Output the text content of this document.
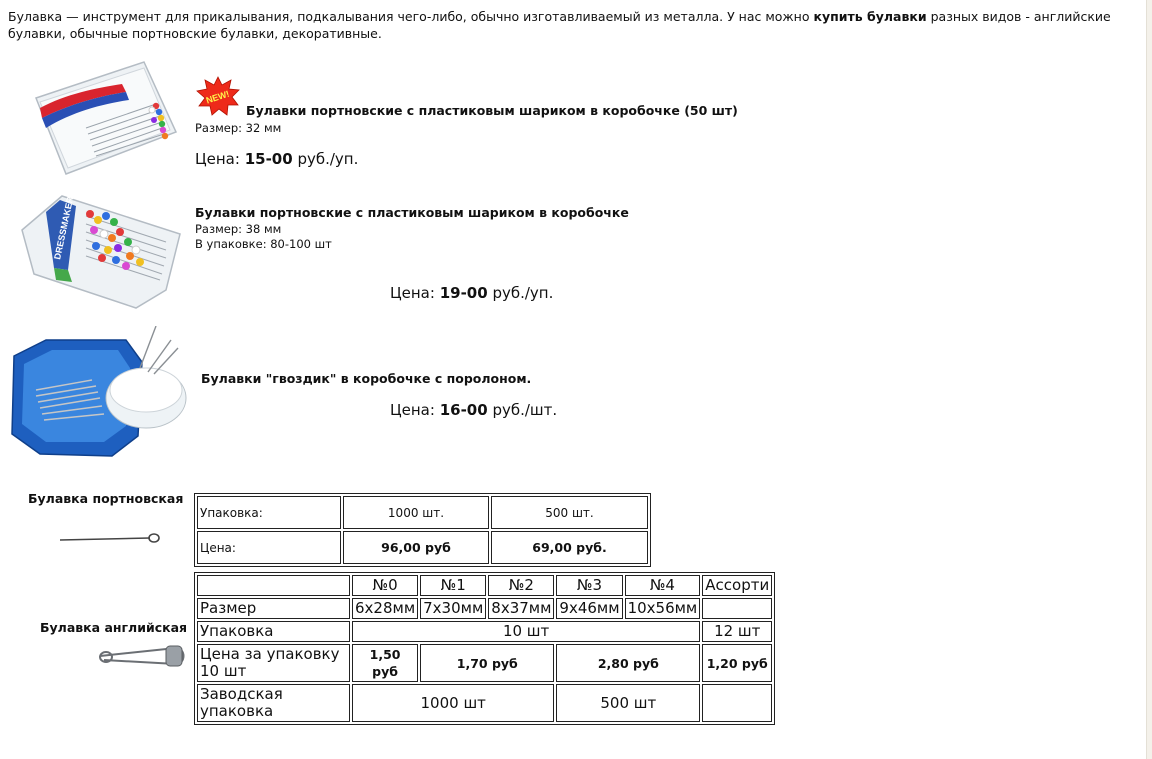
Булавка — инструмент для прикалывания, подкалывания чего-либо, обычно изготавливаемый из металла. У нас можно купить булавки разных видов - английские булавки, обычные портновские булавки, декоративные.
NEW!
Булавки портновские с пластиковым шариком в коробочке (50 шт)
Размер: 32 мм
Цена: 15-00 руб./уп.
DRESSMAKER	Булавки портновские с пластиковым шариком в коробочке
Размер: 38 мм
В упаковке: 80-100 шт
Цена: 19-00 руб./уп.
Булавки "гвоздик" в коробочке с поролоном.
Цена: 16-00 руб./шт.
Булавка портновская
Упаковка:	1000 шт.	500 шт.
Цена:	96,00 руб	69,00 руб.
Булавка английская
	№0	№1	№2	№3	№4	Ассорти
Размер	6x28мм	7x30мм	8x37мм	9x46мм	10x56мм	
Упаковка	10 шт					12 шт
Цена за упаковку 10 шт	1,50 руб	1,70 руб		2,80 руб		1,20 руб
Заводская упаковка	1000 шт			500 шт		
